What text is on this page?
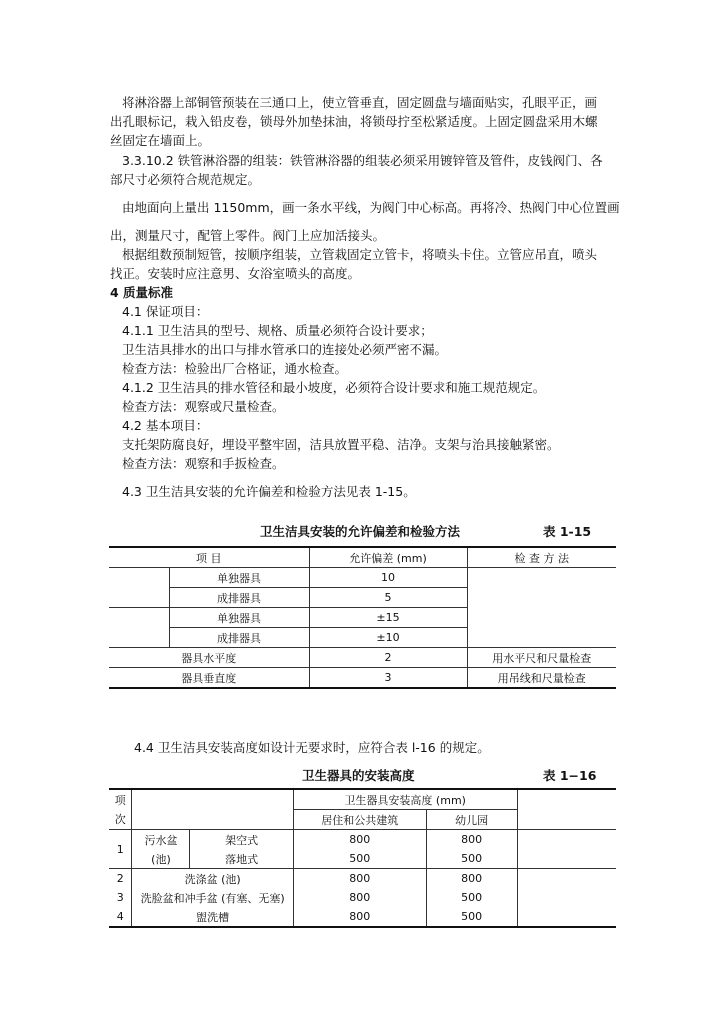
将淋浴器上部铜管预装在三通口上，使立管垂直，固定圆盘与墙面贴实，孔眼平正，画
出孔眼标记，栽入铅皮卷，锁母外加垫抹油，将锁母拧至松紧适度。上固定圆盘采用木螺
丝固定在墙面上。
3.3.10.2 铁管淋浴器的组装：铁管淋浴器的组装必须采用镀锌管及管件，皮钱阀门、各
部尺寸必须符合规范规定。
由地面向上量出 1150mm，画一条水平线，为阀门中心标高。再将冷、热阀门中心位置画
出，测量尺寸，配管上零件。阀门上应加活接头。
根据组数预制短管，按顺序组装，立管栽固定立管卡，将喷头卡住。立管应吊直，喷头
找正。安装时应注意男、女浴室喷头的高度。
4 质量标准
4.1 保证项目：
4.1.1 卫生洁具的型号、规格、质量必须符合设计要求；
卫生洁具排水的出口与排水管承口的连接处必须严密不漏。
检查方法：检验出厂合格证，通水检查。
4.1.2 卫生洁具的排水管径和最小坡度，必须符合设计要求和施工规范规定。
检查方法：观察或尺量检查。
4.2 基本项目：
支托架防腐良好，埋设平整牢固，洁具放置平稳、洁净。支架与治具接触紧密。
检查方法：观察和手扳检查。
4.3 卫生洁具安装的允许偏差和检验方法见表 1-15。
卫生洁具安装的允许偏差和检验方法	表 1-15
项 目		允许偏差 (mm)	检 查 方 法
	单独器具	10	
	成排器具	5	
	单独器具	±15	
	成排器具	±10	
器具水平度		2	用水平尺和尺量检查
器具垂直度		3	用吊线和尺量检查
4.4 卫生洁具安装高度如设计无要求时，应符合表 l-16 的规定。
卫生器具的安装高度	表 1−16
项			卫生器具安装高度 (mm)		
次			居住和公共建筑	幼儿园	
1	污水盆	架空式		800	800	
	(池)	落地式		500	500	
2	洗涤盆 (池)		800	800	
3	洗脸盆和冲手盆 (有塞、无塞)		800	500	
4	盥洗槽		800	500	
